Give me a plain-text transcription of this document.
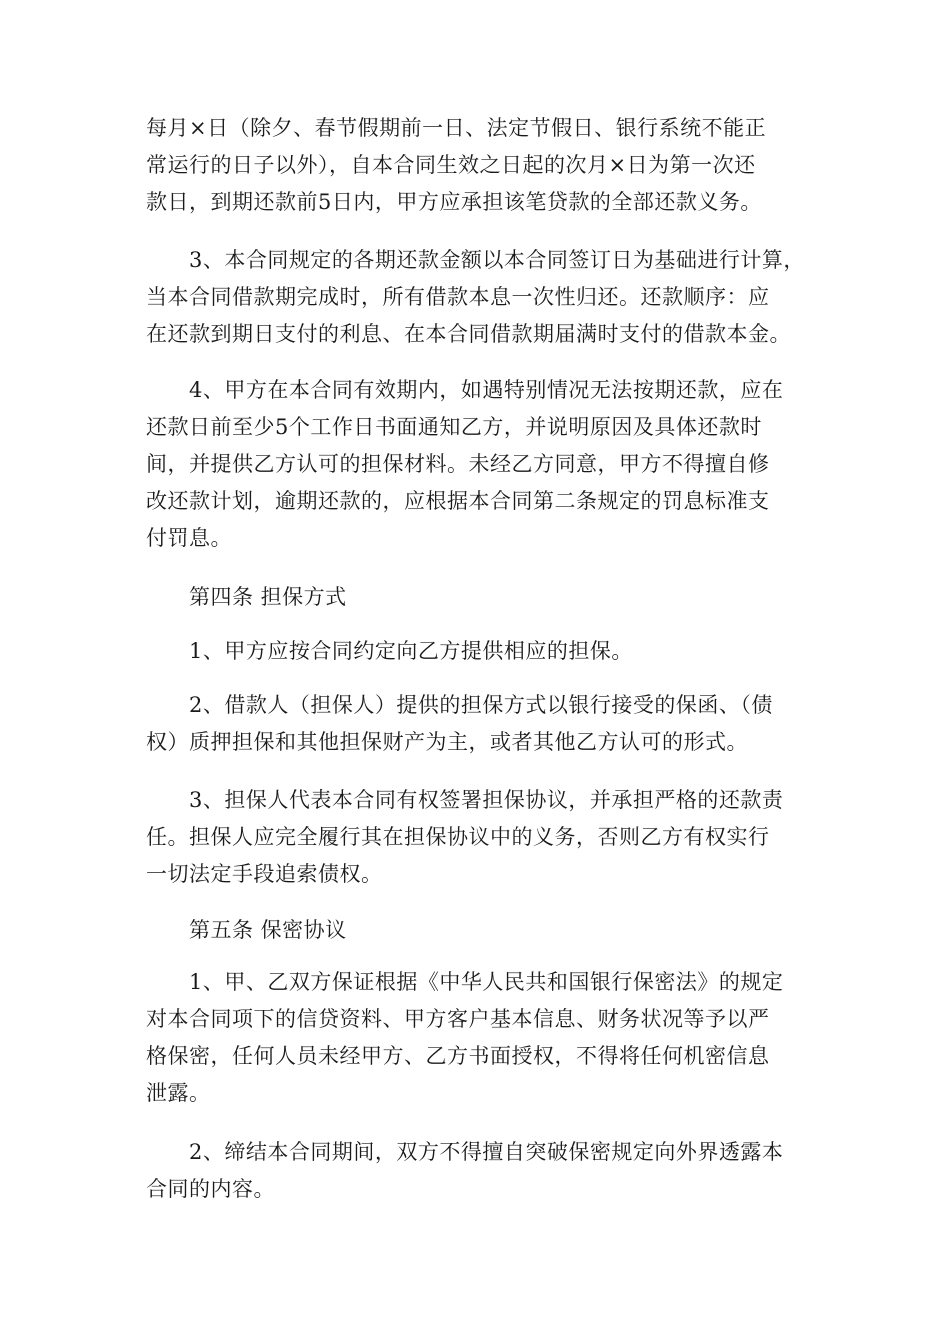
每月×日（除夕、春节假期前一日、法定节假日、银行系统不能正
常运行的日子以外），自本合同生效之日起的次月×日为第一次还
款日，到期还款前5日内，甲方应承担该笔贷款的全部还款义务。
　　3、本合同规定的各期还款金额以本合同签订日为基础进行计算，
当本合同借款期完成时，所有借款本息一次性归还。还款顺序：应
在还款到期日支付的利息、在本合同借款期届满时支付的借款本金。
　　4、甲方在本合同有效期内，如遇特别情况无法按期还款，应在
还款日前至少5个工作日书面通知乙方，并说明原因及具体还款时
间，并提供乙方认可的担保材料。未经乙方同意，甲方不得擅自修
改还款计划，逾期还款的，应根据本合同第二条规定的罚息标准支
付罚息。
第四条 担保方式
　　1、甲方应按合同约定向乙方提供相应的担保。
　　2、借款人（担保人）提供的担保方式以银行接受的保函、（债
权）质押担保和其他担保财产为主，或者其他乙方认可的形式。
　　3、担保人代表本合同有权签署担保协议，并承担严格的还款责
任。担保人应完全履行其在担保协议中的义务，否则乙方有权实行
一切法定手段追索债权。
第五条 保密协议
　　1、甲、乙双方保证根据《中华人民共和国银行保密法》的规定
对本合同项下的信贷资料、甲方客户基本信息、财务状况等予以严
格保密，任何人员未经甲方、乙方书面授权，不得将任何机密信息
泄露。
　　2、缔结本合同期间，双方不得擅自突破保密规定向外界透露本
合同的内容。
